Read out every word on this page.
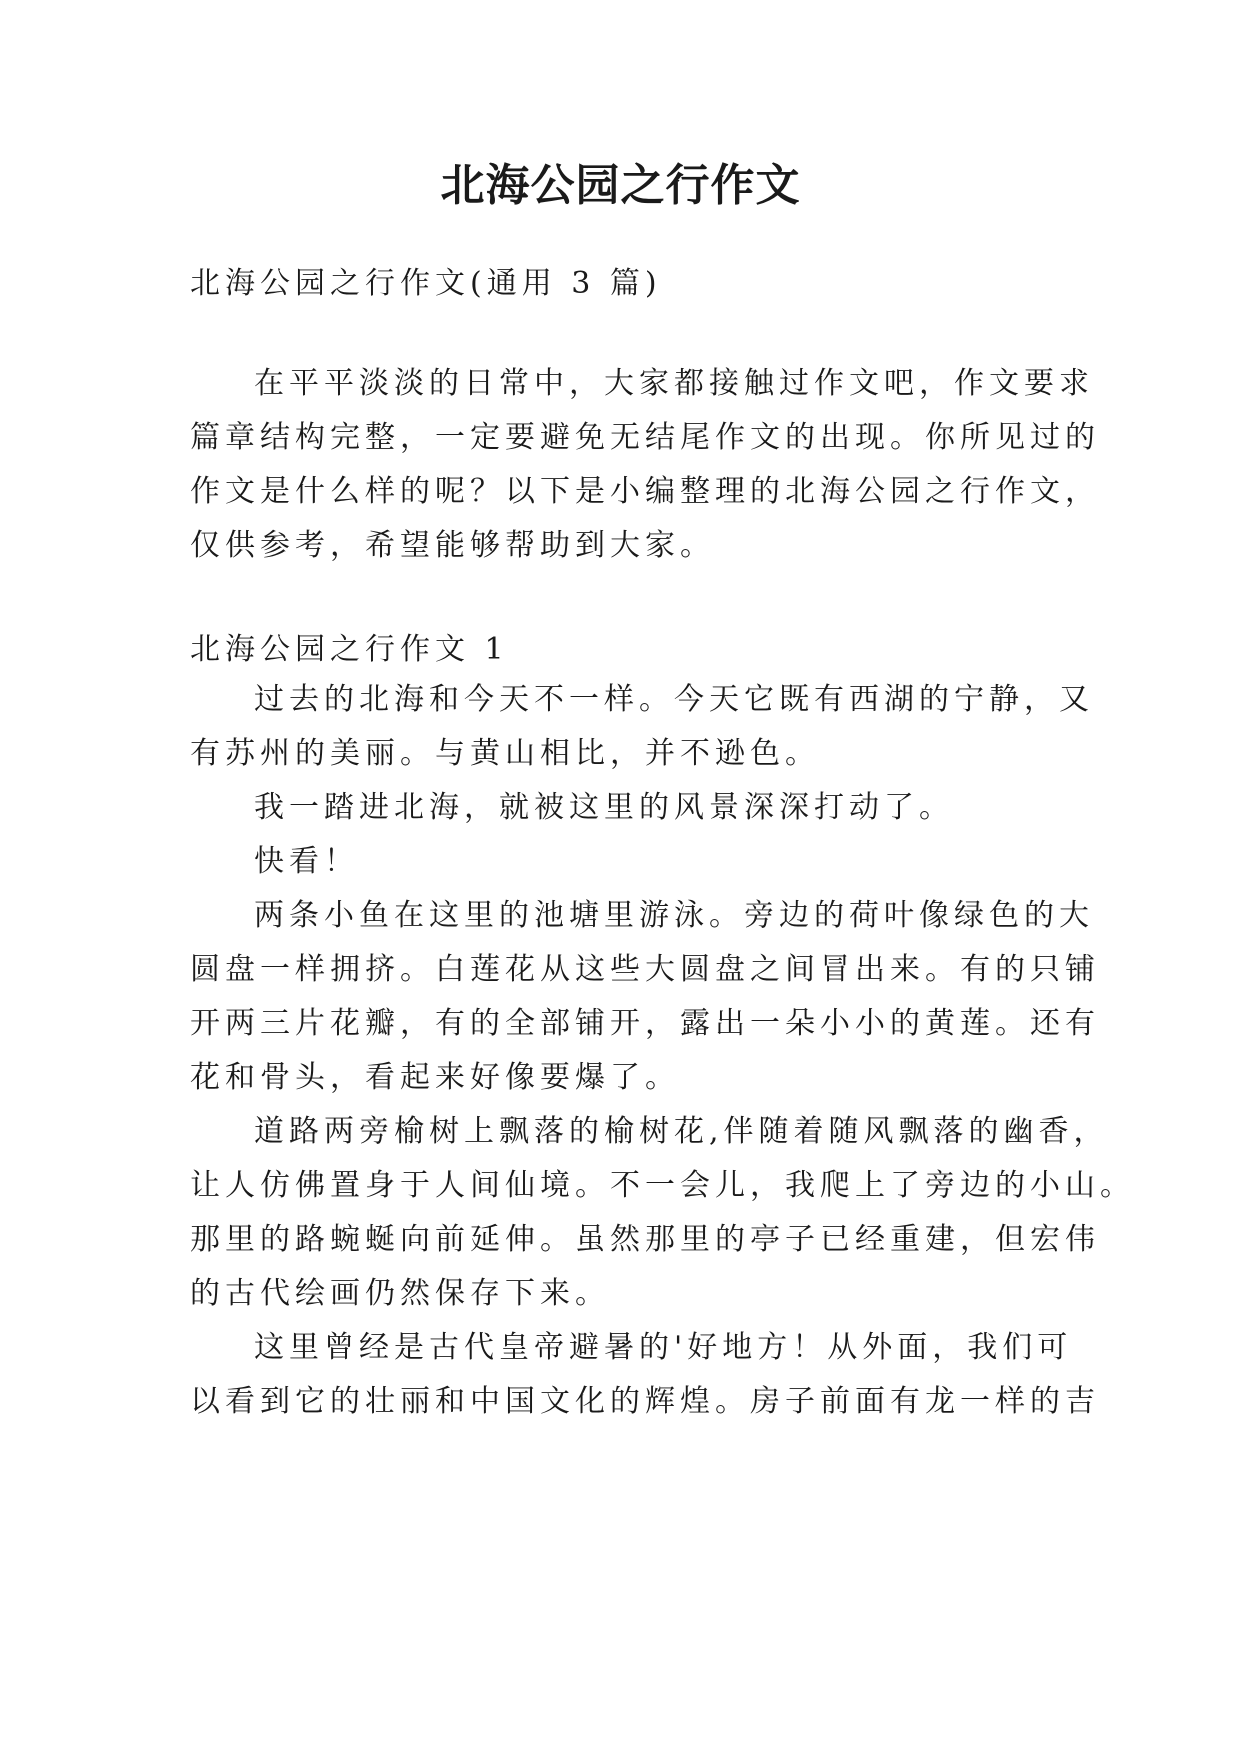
北海公园之行作文
北海公园之行作文(通用 3 篇)
在平平淡淡的日常中，大家都接触过作文吧，作文要求
篇章结构完整，一定要避免无结尾作文的出现。你所见过的
作文是什么样的呢？以下是小编整理的北海公园之行作文，
仅供参考，希望能够帮助到大家。
北海公园之行作文 1
过去的北海和今天不一样。今天它既有西湖的宁静，又
有苏州的美丽。与黄山相比，并不逊色。
我一踏进北海，就被这里的风景深深打动了。
快看！
两条小鱼在这里的池塘里游泳。旁边的荷叶像绿色的大
圆盘一样拥挤。白莲花从这些大圆盘之间冒出来。有的只铺
开两三片花瓣，有的全部铺开，露出一朵小小的黄莲。还有
花和骨头，看起来好像要爆了。
道路两旁榆树上飘落的榆树花,伴随着随风飘落的幽香，
让人仿佛置身于人间仙境。不一会儿，我爬上了旁边的小山。
那里的路蜿蜒向前延伸。虽然那里的亭子已经重建，但宏伟
的古代绘画仍然保存下来。
这里曾经是古代皇帝避暑的'好地方！从外面，我们可
以看到它的壮丽和中国文化的辉煌。房子前面有龙一样的吉
